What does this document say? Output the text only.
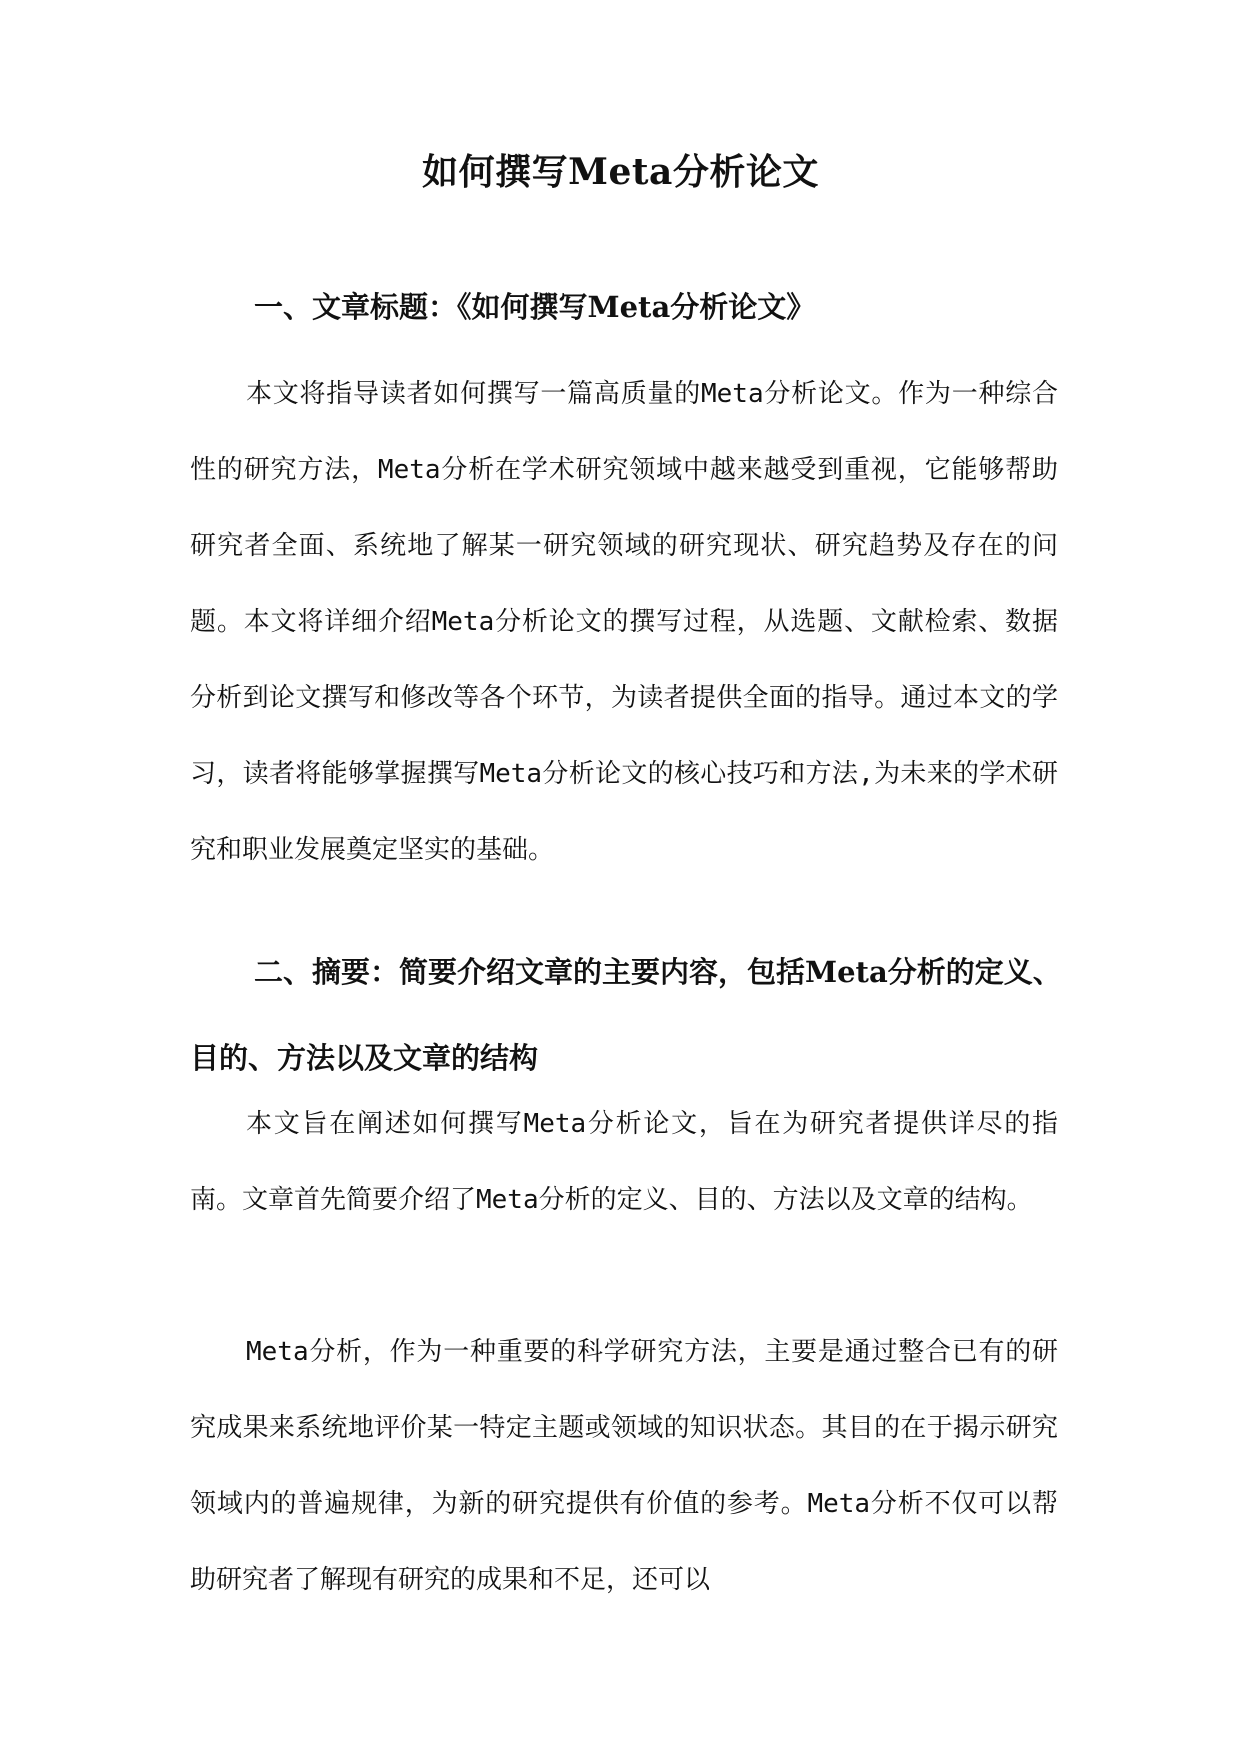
如何撰写Meta分析论文
一、文章标题：《如何撰写Meta分析论文》
本文将指导读者如何撰写一篇高质量的Meta分析论文。作为一种综合性的研究方法，Meta分析在学术研究领域中越来越受到重视，它能够帮助研究者全面、系统地了解某一研究领域的研究现状、研究趋势及存在的问题。本文将详细介绍Meta分析论文的撰写过程，从选题、文献检索、数据分析到论文撰写和修改等各个环节，为读者提供全面的指导。通过本文的学习，读者将能够掌握撰写Meta分析论文的核心技巧和方法,为未来的学术研究和职业发展奠定坚实的基础。
二、摘要：简要介绍文章的主要内容，包括Meta分析的定义、目的、方法以及文章的结构
本文旨在阐述如何撰写Meta分析论文，旨在为研究者提供详尽的指南。文章首先简要介绍了Meta分析的定义、目的、方法以及文章的结构。
Meta分析，作为一种重要的科学研究方法，主要是通过整合已有的研究成果来系统地评价某一特定主题或领域的知识状态。其目的在于揭示研究领域内的普遍规律，为新的研究提供有价值的参考。Meta分析不仅可以帮助研究者了解现有研究的成果和不足，还可以
